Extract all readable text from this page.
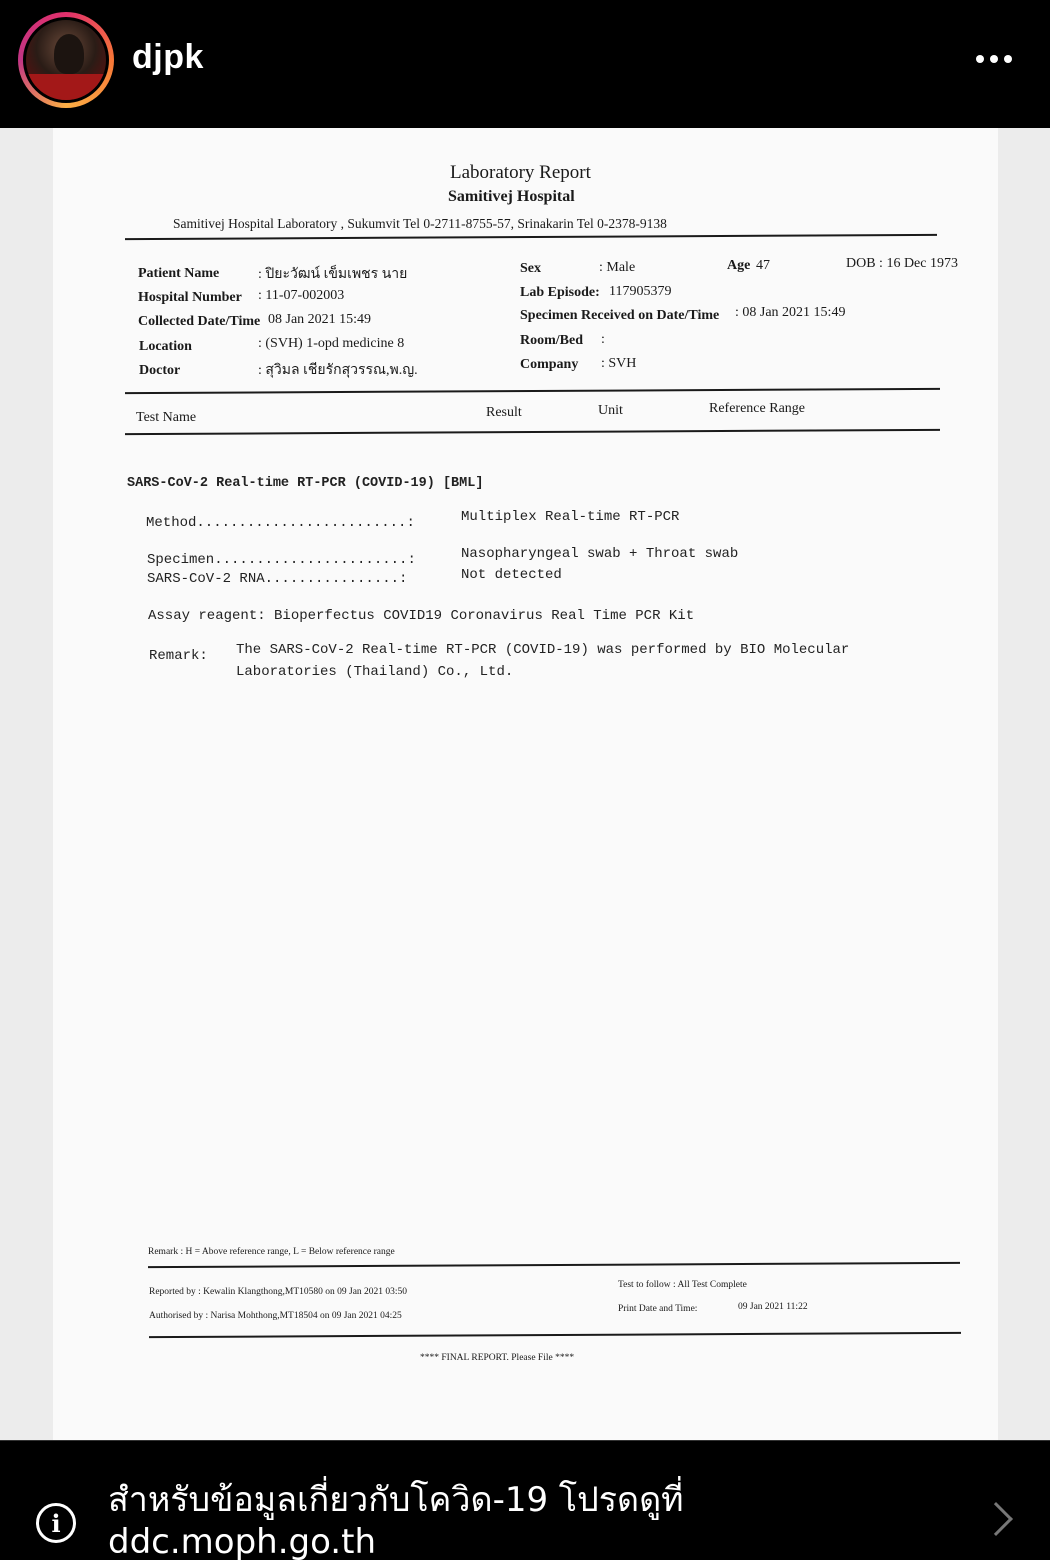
djpk
Laboratory Report
Samitivej Hospital
Samitivej Hospital Laboratory , Sukumvit Tel 0-2711-8755-57, Srinakarin Tel 0-2378-9138
Patient Name	: ปิยะวัฒน์ เข็มเพชร นาย
Hospital Number : 11-07-002003
Collected Date/Time 08 Jan 2021 15:49
Location	: (SVH) 1-opd medicine 8
Doctor	: สุวิมล เชียรักสุวรรณ,พ.ญ.
Sex	: Male	Age 47	DOB : 16 Dec 1973
Lab Episode: 117905379
Specimen Received on Date/Time : 08 Jan 2021 15:49
Room/Bed :
Company : SVH
Test Name	Result	Unit	Reference Range
SARS-CoV-2 Real-time RT-PCR (COVID-19) [BML]
Method.........................:	Multiplex Real-time RT-PCR
Specimen.......................:	Nasopharyngeal swab + Throat swab
SARS-CoV-2 RNA................:	Not detected
Assay reagent: Bioperfectus COVID19 Coronavirus Real Time PCR Kit
Remark: The SARS-CoV-2 Real-time RT-PCR (COVID-19) was performed by BIO Molecular
Laboratories (Thailand) Co., Ltd.
Remark : H = Above reference range, L = Below reference range
Reported by : Kewalin Klangthong,MT10580 on 09 Jan 2021 03:50
Authorised by : Narisa Mohthong,MT18504 on 09 Jan 2021 04:25
Test to follow : All Test Complete
Print Date and Time:	09 Jan 2021 11:22
**** FINAL REPORT. Please File ****
i
สำหรับข้อมูลเกี่ยวกับโควิด-19 โปรดดูที่
ddc.moph.go.th
